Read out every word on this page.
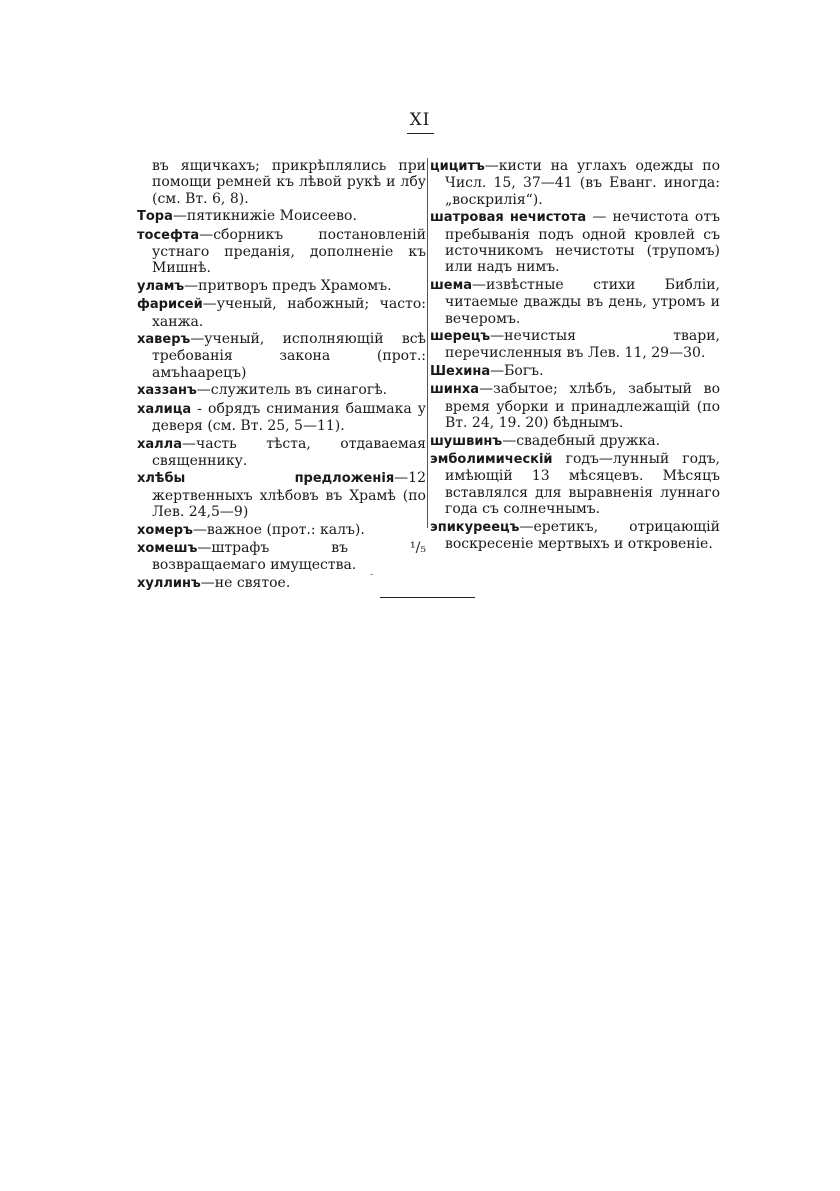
XI

въ ящичкахъ; прикрѣплялись при помощи ремней къ лѣвой рукѣ и лбу (см. Вт. 6, 8).

Тора—пятикнижіе Моисеево.

тосефта—сборникъ постановленій устнаго преданія, дополненіе къ Мишнѣ.

уламъ—притворъ предъ Храмомъ.

фарисей—ученый, набожный; часто: ханжа.

хаверъ—ученый, исполняющій всѣ требованія закона (прот.: амъhаарецъ)

хаззанъ—служитель въ синагогѣ.

халица - обрядъ снимания башмака у деверя (см. Вт. 25, 5—11).

халла—часть тѣста, отдаваемая священнику.

хлѣбы предложенія—12 жертвенныхъ хлѣбовъ въ Храмѣ (по Лев. 24,5—9)

хомеръ—важное (прот.: калъ).

хомешъ—штрафъ въ ¹/₅ возвращаемаго имущества.

хуллинъ—не святое.

цицитъ—кисти на углахъ одежды по Числ. 15, 37—41 (въ Еванг. иногда: „воскрилія“).

шатровая нечистота — нечистота отъ пребыванія подъ одной кровлей съ источникомъ нечистоты (трупомъ) или надъ нимъ.

шема—извѣстные стихи Библіи, читаемые дважды въ день, утромъ и вечеромъ.

шерецъ—нечистыя твари, перечисленныя въ Лев. 11, 29—30.

Шехина—Богъ.

шинха—забытое; хлѣбъ, забытый во время уборки и принадлежащій (по Вт. 24, 19. 20) бѣднымъ.

шушвинъ—свадебный дружка.

эмболимическій годъ—лунный годъ, имѣющій 13 мѣсяцевъ. Мѣсяцъ вставлялся для выравненія луннаго года съ солнечнымъ.

эпикуреецъ—еретикъ, отрицающій воскресеніе мертвыхъ и откровеніе.
